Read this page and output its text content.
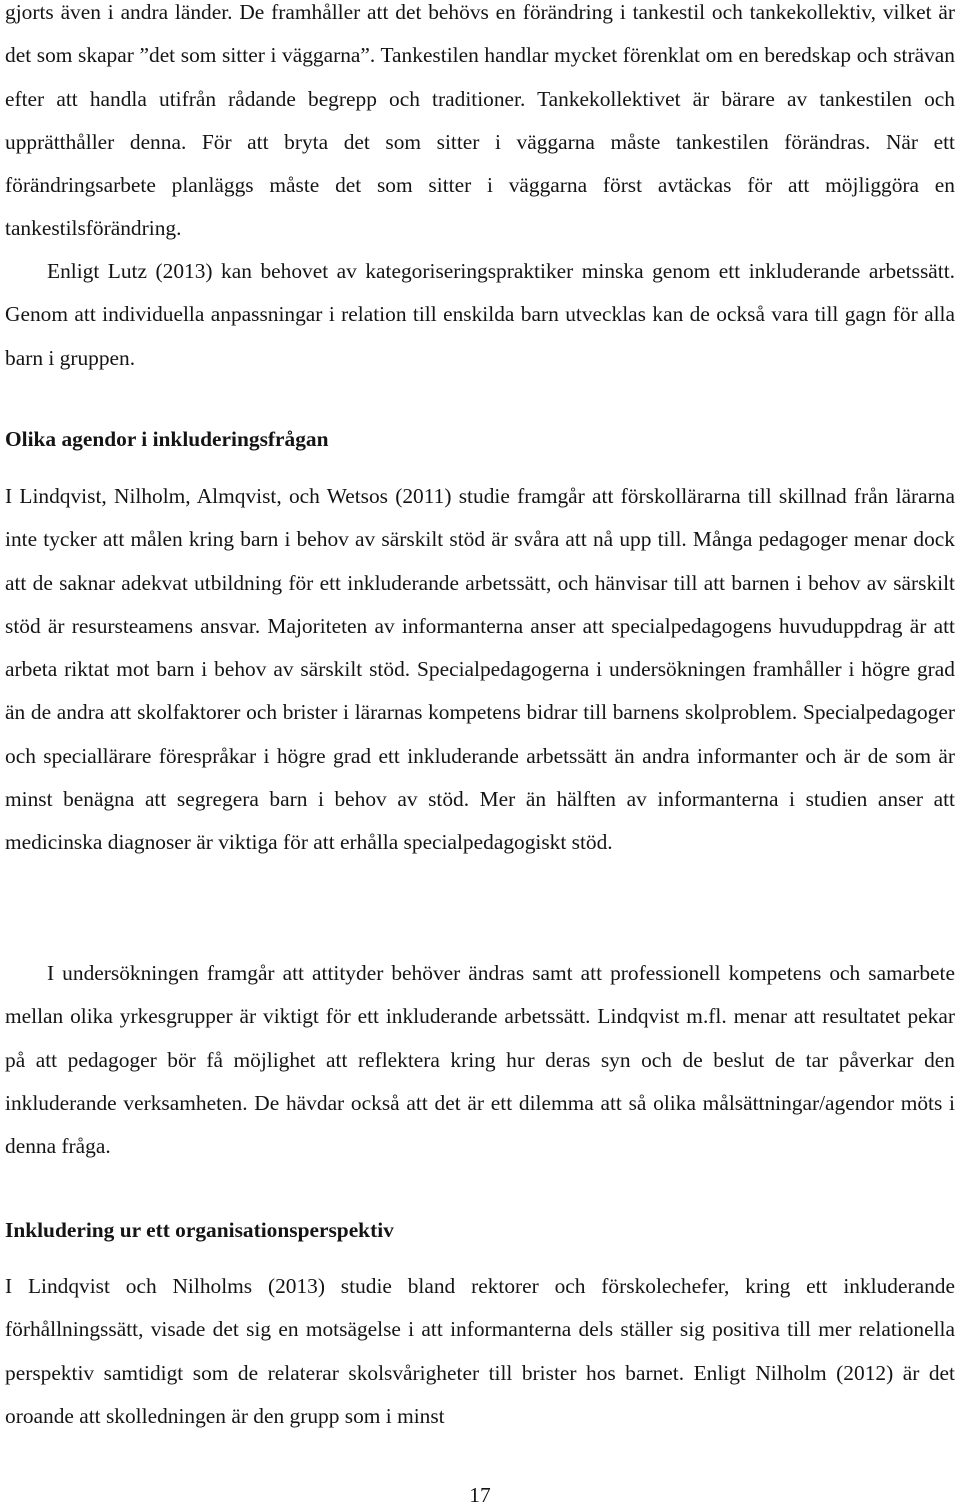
gjorts även i andra länder. De framhåller att det behövs en förändring i tankestil och tankekollektiv, vilket är det som skapar ”det som sitter i väggarna”. Tankestilen handlar mycket förenklat om en beredskap och strävan efter att handla utifrån rådande begrepp och traditioner. Tankekollektivet är bärare av tankestilen och upprätthåller denna. För att bryta det som sitter i väggarna måste tankestilen förändras. När ett förändringsarbete planläggs måste det som sitter i väggarna först avtäckas för att möjliggöra en tankestilsförändring.

Enligt Lutz (2013) kan behovet av kategoriseringspraktiker minska genom ett inkluderande arbetssätt. Genom att individuella anpassningar i relation till enskilda barn utvecklas kan de också vara till gagn för alla barn i gruppen.

Olika agendor i inkluderingsfrågan

I Lindqvist, Nilholm, Almqvist, och Wetsos (2011) studie framgår att förskollärarna till skillnad från lärarna inte tycker att målen kring barn i behov av särskilt stöd är svåra att nå upp till. Många pedagoger menar dock att de saknar adekvat utbildning för ett inkluderande arbetssätt, och hänvisar till att barnen i behov av särskilt stöd är resursteamens ansvar. Majoriteten av informanterna anser att specialpedagogens huvuduppdrag är att arbeta riktat mot barn i behov av särskilt stöd. Specialpedagogerna i undersökningen framhåller i högre grad än de andra att skolfaktorer och brister i lärarnas kompetens bidrar till barnens skolproblem. Specialpedagoger och speciallärare förespråkar i högre grad ett inkluderande arbetssätt än andra informanter och är de som är minst benägna att segregera barn i behov av stöd. Mer än hälften av informanterna i studien anser att medicinska diagnoser är viktiga för att erhålla specialpedagogiskt stöd.

I undersökningen framgår att attityder behöver ändras samt att professionell kompetens och samarbete mellan olika yrkesgrupper är viktigt för ett inkluderande arbetssätt. Lindqvist m.fl. menar att resultatet pekar på att pedagoger bör få möjlighet att reflektera kring hur deras syn och de beslut de tar påverkar den inkluderande verksamheten. De hävdar också att det är ett dilemma att så olika målsättningar/agendor möts i denna fråga.

Inkludering ur ett organisationsperspektiv

I Lindqvist och Nilholms (2013) studie bland rektorer och förskolechefer, kring ett inkluderande förhållningssätt, visade det sig en motsägelse i att informanterna dels ställer sig positiva till mer relationella perspektiv samtidigt som de relaterar skolsvårigheter till brister hos barnet. Enligt Nilholm (2012) är det oroande att skolledningen är den grupp som i minst

17
